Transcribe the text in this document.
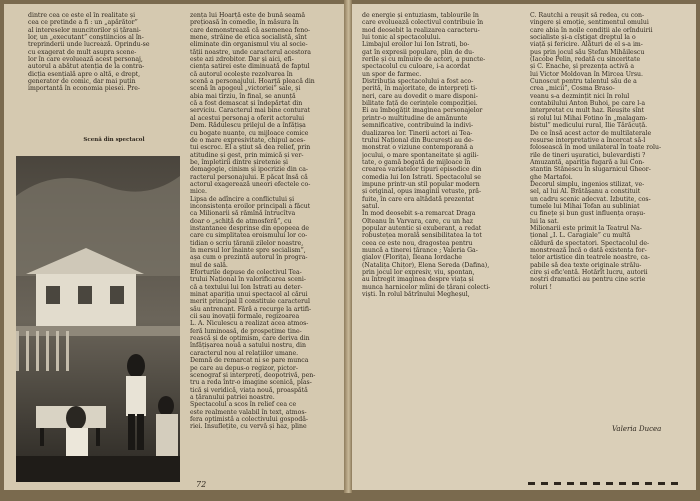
dintre cea ce este el în realitate și
cea ce pretinde a fi : un „apărător”
al intereselor muncitorilor și țărani-
lor, un „executant” conștiincios al în-
treprinderii unde lucrează. Oprindu-se
cu exagerat de mult asupra scene-
lor în care evoluează acest personaj,
autorul a abătut atenția de la contra-
dicția esențială apre o altă, e drept,
generator de comic, dar mai puțin
importantă în economia piesei. Pre-
Scenă din spectacol
zența lui Hoarță este de bună seamă
prețioasă în comedie, în măsura în
care demonstrează că asemenea feno-
mene, străine de etica socialistă, sînt
eliminate din organismul viu al socie-
tății noastre, unde caracterul acestora
este azi zdrobitor. Dar și aici, efi-
ciența satirei este diminuată de faptul
că autorul ocolește rezolvarea în
scenă a personajului. Hoarță pleacă din
scenă în apogeul „victoriei” sale, și
abia mai tîrziu, în final, se anunță
că a fost demascat și îndepărtat din
serviciu. Caracterul mai bine conturat
al acestui personaj a oferit actorului
Dem. Rădulescu prilejul de a înfățișa
cu bogate nuanțe, cu mijloace comice
de o mare expresivitate, chipul aces-
tui escroc. El a știut să dea relief, prin
atitudine și gest, prin mimică și ver-
be, împletirii dintre șiretenie și
demagogie, cinism și ipocrizie din ca-
racterul personajului. E păcat însă că
actorul exagerează uneori efectele co-
mice.
Lipsa de adîncire a conflictului și
inconsistența eroilor principali a făcut
ca Milionarii să rămînă întrucîtva
doar o „schiță de atmosferă”, cu
instantanee desprinse din epopeea de
care cu simplitatea eroismului lor co-
tidian o scriu țăranii zilelor noastre,
în mersul lor înainte spre socialism”,
așa cum o prezintă autorul în progra-
mul de sală.
Eforturile depuse de colectivul Tea-
trului Național în valorificarea sceni-
că a textului lui Ion Istrati au deter-
minat apariția unui spectacol al cărui
merit principal îl constituie caracterul
său antrenant. Fără a recurge la artifi-
cii sau inovații formale, regizoarea
L. A. Niculescu a realizat acea atmos-
feră luminoasă, de prospețime tine-
rească și de optimism, care deriva din
înfățișarea nouă a satului nostru, din
caracterul nou al relațiilor umane.
Demnă de remarcat ni se pare munca
pe care au depus-o regizor, pictor-
scenograf și interpreți, deopotrivă, pen-
tru a reda într-o imagine scenică, plas-
tică și veridică, viața nouă, proaspătă
a țăranului patriei noastre.
Spectacolul a scos în relief cea ce
este realmente valabil în text, atmos-
fera optimistă a colectivului gospodă-
riei. Insuflețite, cu vervă și haz, pline
72
de energie și entuziasm, tablourile în
care evoluează colectivul contribuie în
mod deosebit la realizarea caracteru-
lui tonic al spectacolului.
Limbajul eroilor lui Ion Istrati, bo-
gat în expresii populare, plin de du-
rerile și cu mînuire de actori, a puncte-
spectacolul cu culoare, i-a acordat
un spor de farmec.
Distribuția spectacolului a fost aco-
perită, în majoritate, de interpreți ti-
neri, care au dovedit o mare disponi-
bilitate față de cerințele compoziției.
Ei au îmbogățit imaginea personajelor
printr-o multitudine de amănunte
semnificative, contribuind la indivi-
dualizarea lor. Tinerii actori ai Tea-
trului Național din București au de-
monstrat o viziune contemporană a
jocului, o mare spontaneitate și agili-
tate, o gamă bogată de mijloace în
crearea variatelor tipuri episodice din
comedia lui Ion Istrati. Spectacolul se
impune printr-un stil popular modern
și original, opus imaginii vetuste, pră-
fuite, în care era altădată prezentat
satul.
În mod deosebit s-a remarcat Draga
Olteanu în Varvara, care, cu un haz
popular autentic și exuberant, a redat
robustețea morală sensibilitatea la tot
ceea ce este nou, dragostea pentru
muncă a tinerei țărance ; Valeria Ga-
gialov (Florița), Ileana Iordache
(Natalița Chițor), Elena Sereda (Dafina),
prin jocul lor expresiv, viu, spontan,
au întregit imaginea despre viața și
munca harnicelor mîini de țărani colecti-
viști. În rolul bătrînului Megheșul,
C. Rautchi a reușit să redea, cu con-
vingere și emoție, sentimentul omului
care abia în noile condiții ale orînduirii
socialiste și-a cîștigat dreptul la o
viață și fericire. Alături de el s-a im-
pus prin jocul său Ștefan Mihăilescu
(Iacobe Pelin, redată cu sinceritate
și C. Enache, și prezența activă a
lui Victor Moldovan în Mircea Ursu.
Cunoscut pentru talentul său de a
crea „micii”, Cosma Braso-
veanu s-a dezmințit nici în rolul
contabilului Anton Buhoi, pe care l-a
interpretat cu mult haz. Reușite sînt
și rolul lui Mihai Fotino în „malagam-
bistul” medicului rural, Ilie Tărăcuță.
De ce însă acest actor de multilaterale
resurse interpretative a încercat să-l
folosească în mod unilateral în toate rolu-
rile de tineri uşuratici, bulevardiști ?
Amuzantă, apariția fugară a lui Con-
stantin Stănescu în slugarnicul Gheor-
ghe Martafoi.
Decorul simplu, ingenios stilizat, ve-
sel, al lui Al. Brătășanu a constituit
un cadru scenic adecvat. Izbutite, cos-
tumele lui Mihai Tofan au subliniat
cu finețe și bun gust influența orașu-
lui la sat.
Milionarii este primit la Teatrul Na-
țional „I. L. Caragiale” cu multă
căldură de spectatori. Spectacolul de-
monstrează încă o dată existența for-
telor artistice din teatrele noastre, ca-
pabile să dea texte originale strălu-
cire și efic'entă. Hotărît lucru, autorii
noștri dramatici au pentru cine scrie
roluri !
Valeria Ducea
